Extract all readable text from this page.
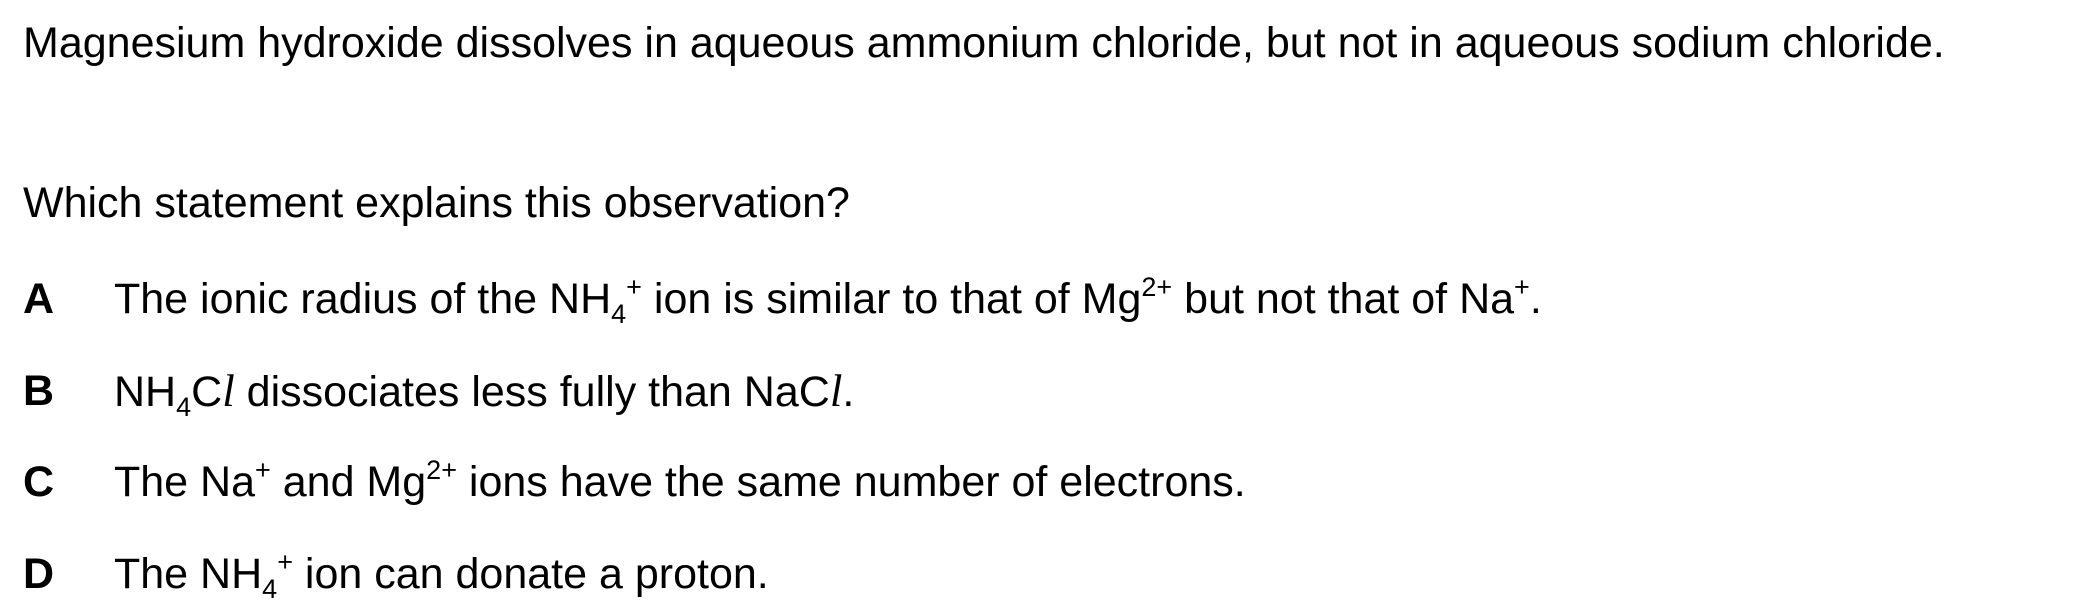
Magnesium hydroxide dissolves in aqueous ammonium chloride, but not in aqueous sodium chloride.
Which statement explains this observation?
A The ionic radius of the $NH_4^+$ ion is similar to that of $Mg^{2+}$ but not that of Na+.
B $NH_4Cl$ dissociates less fully than NaCl.
C The Na+ and $Mg^{2+}$ ions have the same number of electrons.
D The $NH_4^+$ ion can donate a proton.
